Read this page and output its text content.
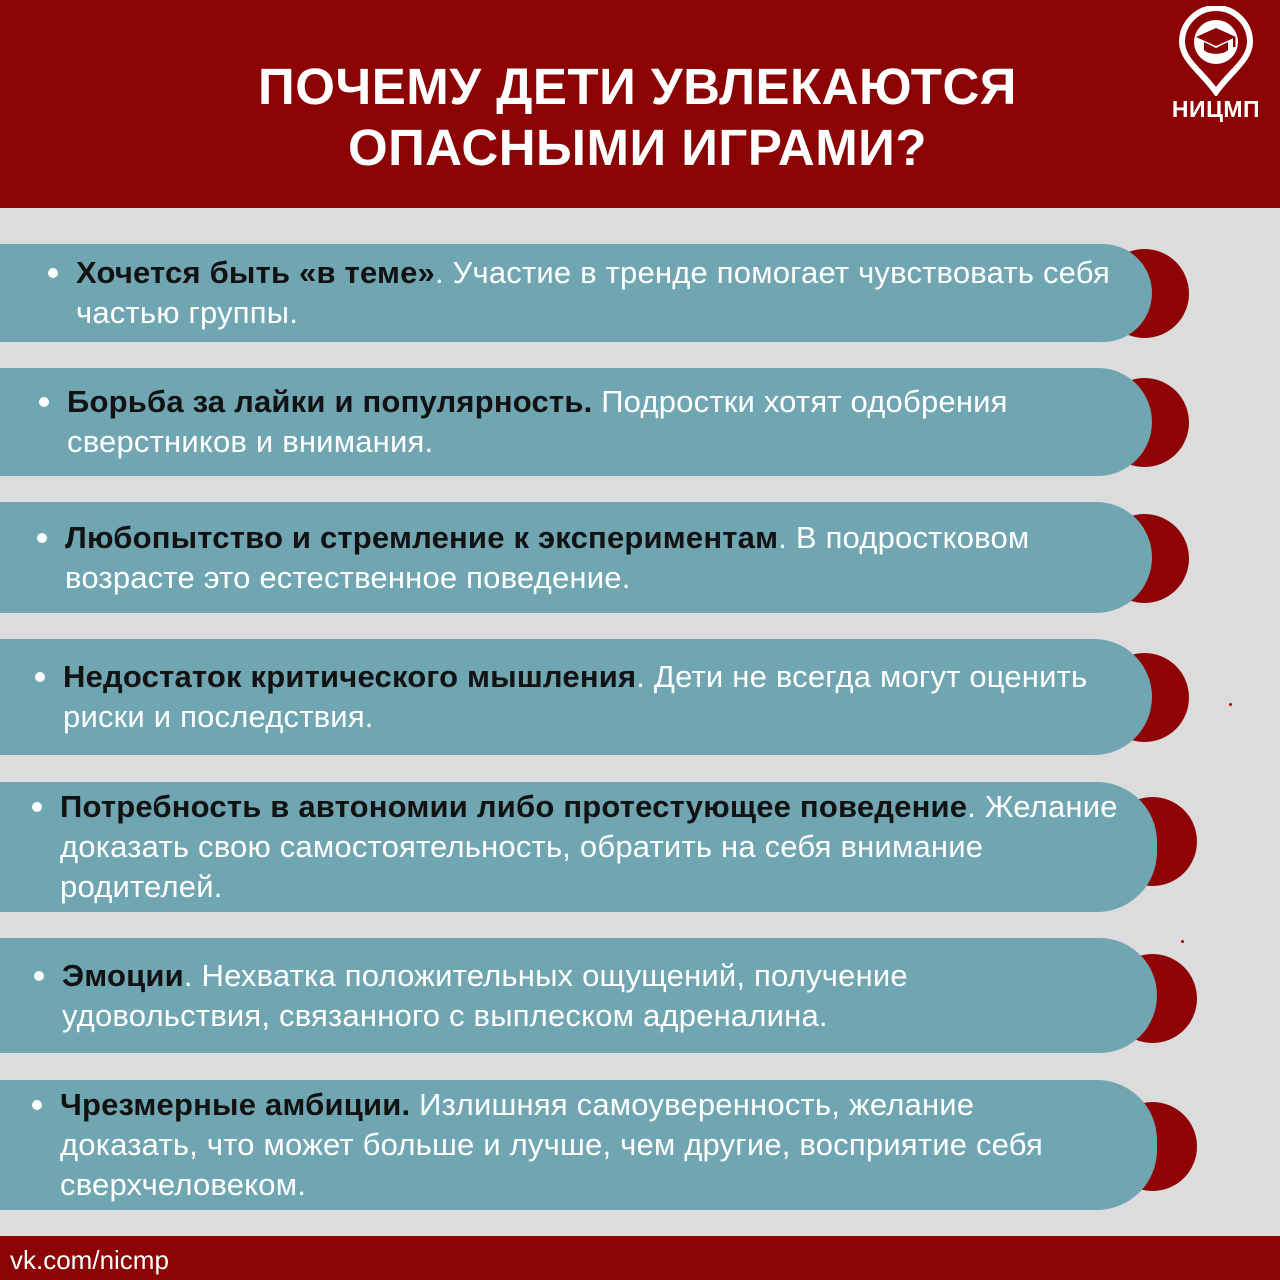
ПОЧЕМУ ДЕТИ УВЛЕКАЮТСЯ
ОПАСНЫМИ ИГРАМИ?
НИЦМП
Хочется быть «в теме». Участие в тренде помогает чувствовать себя частью группы.
Борьба за лайки и популярность. Подростки хотят одобрения сверстников и внимания.
Любопытство и стремление к экспериментам. В подростковом возрасте это естественное поведение.
Недостаток критического мышления. Дети не всегда могут оценить риски и последствия.
Потребность в автономии либо протестующее поведение. Желание доказать свою самостоятельность, обратить на себя внимание родителей.
Эмоции. Нехватка положительных ощущений, получение удовольствия, связанного с выплеском адреналина.
Чрезмерные амбиции. Излишняя самоуверенность, желание доказать, что может больше и лучше, чем другие, восприятие себя сверхчеловеком.
vk.com/nicmp
